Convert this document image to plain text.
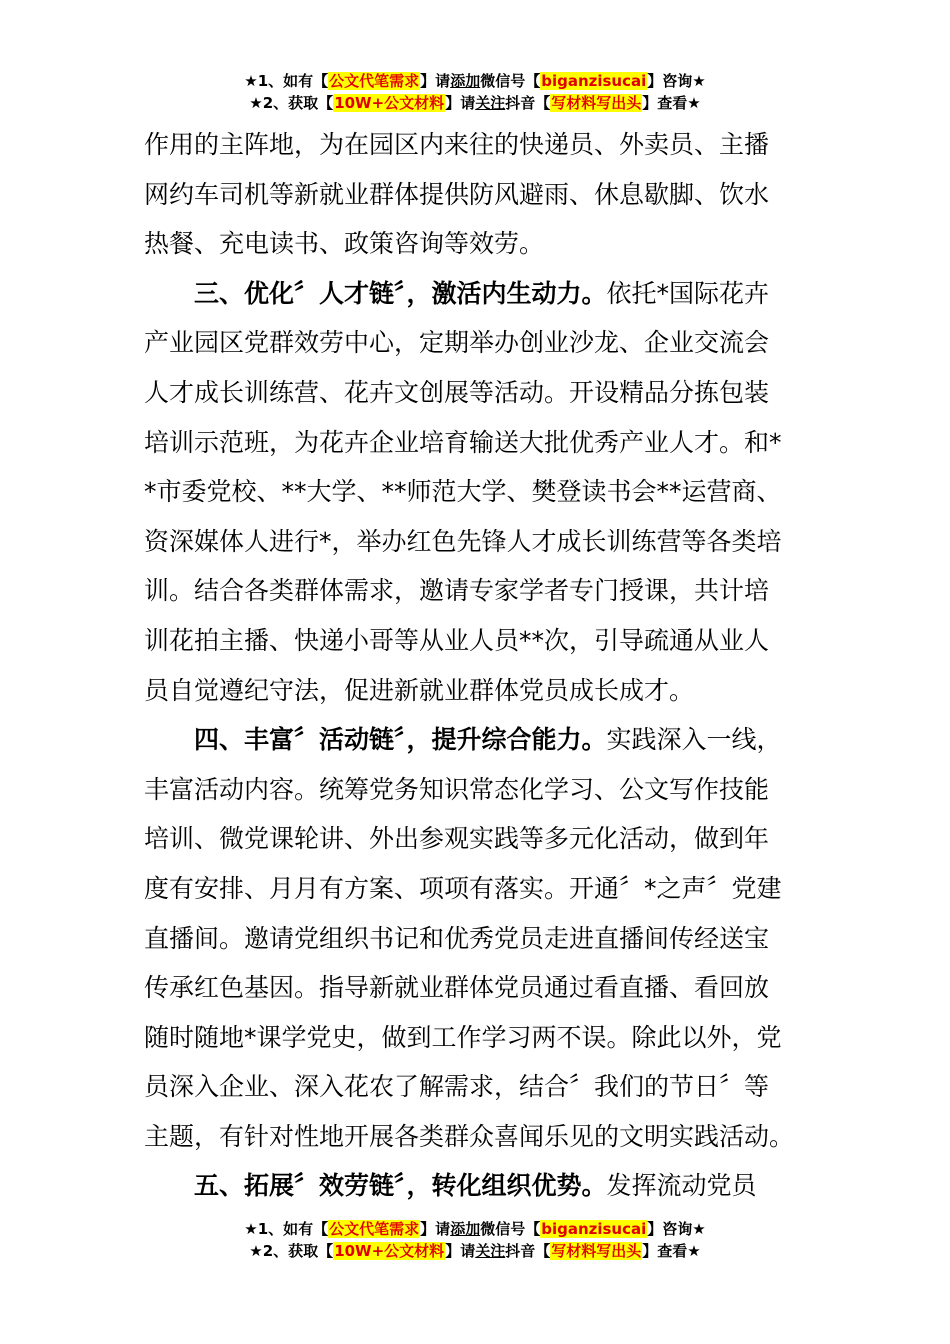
★1、如有【公文代笔需求】请添加微信号【biganzisucai】咨询★
★2、获取【10W+公文材料】请关注抖音【写材料写出头】查看★
作用的主阵地，为在园区内来往的快递员、外卖员、主播
网约车司机等新就业群体提供防风避雨、休息歇脚、饮水
热餐、充电读书、政策咨询等效劳。
三、优化〞人才链〞，激活内生动力。依托*国际花卉
产业园区党群效劳中心，定期举办创业沙龙、企业交流会
人才成长训练营、花卉文创展等活动。开设精品分拣包装
培训示范班，为花卉企业培育输送大批优秀产业人才。和*
*市委党校、**大学、**师范大学、樊登读书会**运营商、
资深媒体人进行*，举办红色先锋人才成长训练营等各类培
训。结合各类群体需求，邀请专家学者专门授课，共计培
训花拍主播、快递小哥等从业人员**次，引导疏通从业人
员自觉遵纪守法，促进新就业群体党员成长成才。
四、丰富〞活动链〞，提升综合能力。实践深入一线，
丰富活动内容。统筹党务知识常态化学习、公文写作技能
培训、微党课轮讲、外出参观实践等多元化活动，做到年
度有安排、月月有方案、项项有落实。开通〞*之声〞党建
直播间。邀请党组织书记和优秀党员走进直播间传经送宝
传承红色基因。指导新就业群体党员通过看直播、看回放
随时随地*课学党史，做到工作学习两不误。除此以外，党
员深入企业、深入花农了解需求，结合〞我们的节日〞等
主题，有针对性地开展各类群众喜闻乐见的文明实践活动。
五、拓展〞效劳链〞，转化组织优势。发挥流动党员
★1、如有【公文代笔需求】请添加微信号【biganzisucai】咨询★
★2、获取【10W+公文材料】请关注抖音【写材料写出头】查看★
